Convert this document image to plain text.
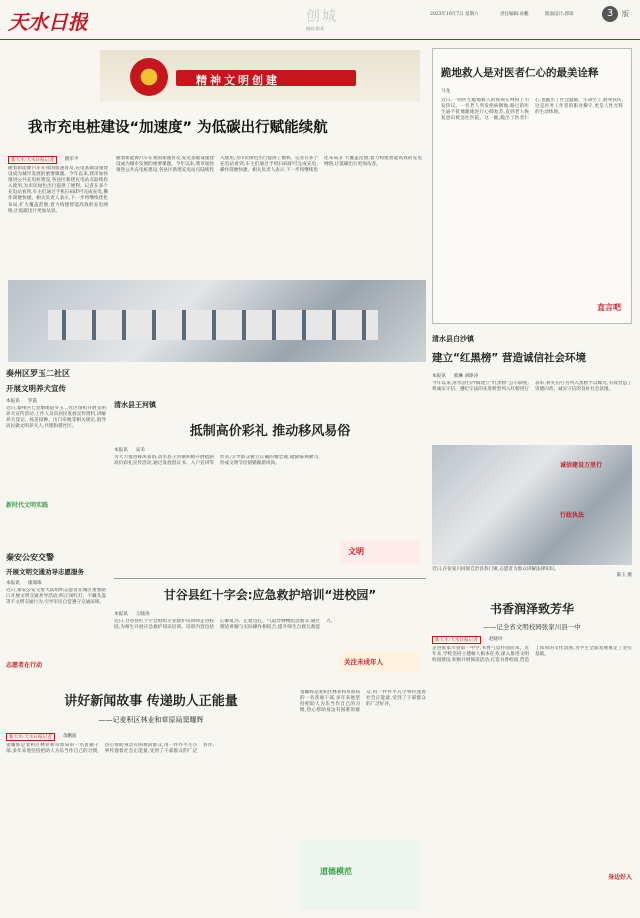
天水日报	创城	2023年10月7日 星期六	责任编辑:孙鹏	版面设计:郭琼
校对:常芳
3	版
精神文明创建
我市充电桩建设“加速度” 为低碳出行赋能续航
新天水·天水日报记者	蔚军平
随着新能源汽车在我国加速普及,充电基础设施建设成为城市发展的重要课题。今年以来,我市加快推进公共充电桩建设,各县区新建充电站点陆续投入使用,为市民绿色出行提供了便利。记者在多个充电站看到,车主们通过手机扫码即可完成充电,操作简便快捷。相关负责人表示,下一步将继续优化布局,扩大覆盖范围,着力构建智能高效的充电网络,让低碳出行更加从容。
随着新能源汽车在我国加速普及,充电基础设施建设成为城市发展的重要课题。今年以来,我市加快推进公共充电桩建设,各县区新建充电站点陆续投入使用,为市民绿色出行提供了便利。记者在多个充电站看到,车主们通过手机扫码即可完成充电,操作简便快捷。相关负责人表示,下一步将继续优化布局,扩大覆盖范围,着力构建智能高效的充电网络,让低碳出行更加从容。
奏州区罗玉二社区
开展文明养犬宣传
本报讯 罗霞
近日,秦州区七里墩街道罗玉二社区组织开展文明养犬宣传活动,工作人员向居民发放宣传资料,讲解养犬登记、疫苗接种、出门牵绳等相关规定,倡导居民做文明养犬人,共建和谐社区。
新时代文明实践
秦安公安交警
开展文明交通劝导志愿服务
本报讯 康瑞珠
近日,秦安公安交警大队组织志愿者在城区重要路口开展文明交通劝导活动,纠正闯红灯、不戴头盔等不文明交通行为,引导市民自觉遵守交通法规。
志愿者在行动
讲好新闻故事 传递助人正能量
——记麦积区林业和草原局窦耀辉
新天水·天水日报记者	余鹏波
窦耀辉是麦积区林业和草原局的一名普通干部,多年来他坚持把助人为乐当作自己的习惯,热心帮助身边有困难的群众,用一件件平凡小事传递着社会正能量,受到了干部群众的广泛好评。
清水县王河镇
抵制高价彩礼 推动移风易俗
本报讯 宋禾
为大力推进移风易俗,清水县王河镇积极开展抵制高价彩礼宣传活动,通过发放倡议书、入户宣讲等形式,引导群众树立正确的婚恋观,破除陈规陋习,形成文明节俭的婚嫁新风尚。
文明
甘谷县红十字会:应急救护培训“进校园”
本报讯 王晓涛
近日,甘谷县红十字会组织专业救护培训师走进校园,为师生开展应急救护知识培训。培训内容包括心肺复苏、止血包扎、气道异物梗阻急救等,通过理论讲解与实际操作相结合,提升师生自救互救能力。
关注未成年人
道德模范
窦耀辉是麦积区林业和草原局的一名普通干部,多年来他坚持把助人为乐当作自己的习惯,热心帮助身边有困难的群众,用一件件平凡小事传递着社会正能量,受到了干部群众的广泛好评。
跪地救人是对医者仁心的最美诠释
马龙
近日,一则医生跪地救人的视频在网络上引发热议。一名老人突发疾病倒地,路过的医生毫不犹豫跪地进行心肺复苏,直到老人恢复意识被送往医院。这一跪,跪出了医者仁心,也跪出了社会温暖。生命至上,救死扶伤,这是医务工作者的职业操守,更是人性光辉的生动体现。
直言吧
清水县白沙镇
建立“红黑榜” 营造诚信社会环境
本报讯 蔡琳 刘铮涛
今年以来,清水县白沙镇建立“红黑榜”公示制度,将诚实守信、遵纪守法的先进典型列入红榜进行表彰,将失信行为列入黑榜予以曝光,有效营造了崇德向善、诚实守信的良好社会氛围。
近日,在张家川回族自治县恭门镇,志愿者为群众讲解法律知识。
陈玉 摄
诚信建设万里行
行政执法
书香润泽致芳华
——记全省文明校园张家川县一中
新天水·天水日报记者	赵晓玲
走进张家川县第一中学,书香气息扑面而来。近年来,学校坚持立德树人根本任务,深入推进文明校园建设,积极开展阅读活动,打造书香校园,营造了浓厚的文化氛围,为学生全面发展奠定了坚实基础。
身边好人
